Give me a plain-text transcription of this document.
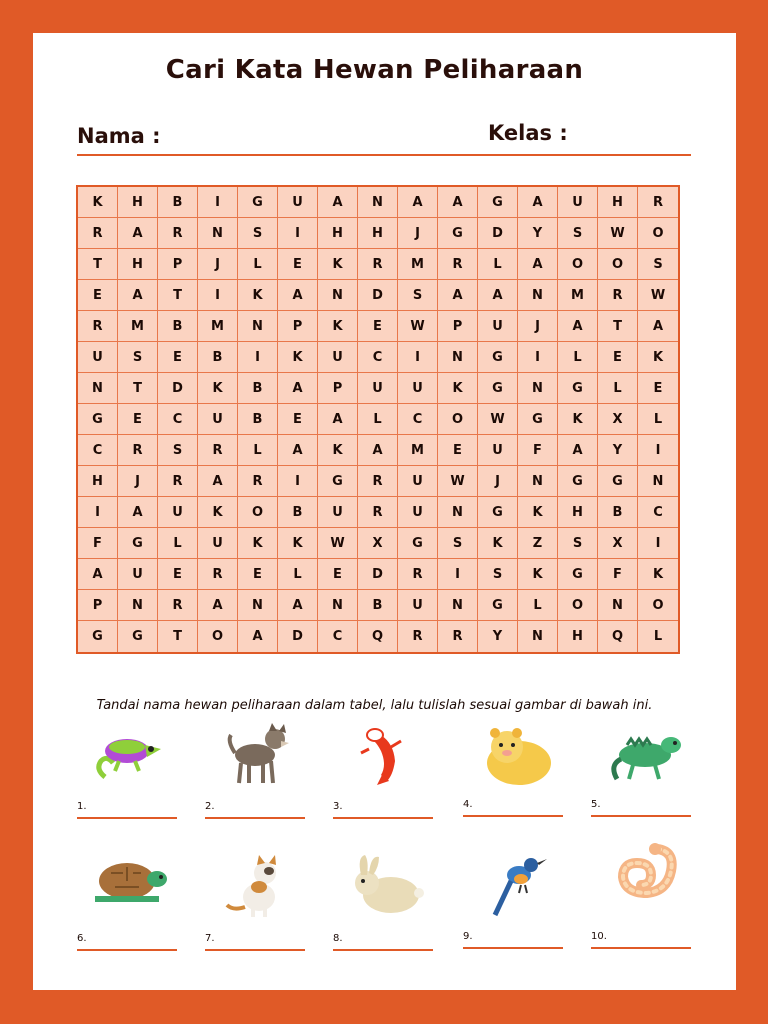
Cari Kata Hewan Peliharaan
Nama :	Kelas :
K	H	B	I	G	U	A	N	A	A	G	A	U	H	R
R	A	R	N	S	I	H	H	J	G	D	Y	S	W	O
T	H	P	J	L	E	K	R	M	R	L	A	O	O	S
E	A	T	I	K	A	N	D	S	A	A	N	M	R	W
R	M	B	M	N	P	K	E	W	P	U	J	A	T	A
U	S	E	B	I	K	U	C	I	N	G	I	L	E	K
N	T	D	K	B	A	P	U	U	K	G	N	G	L	E
G	E	C	U	B	E	A	L	C	O	W	G	K	X	L
C	R	S	R	L	A	K	A	M	E	U	F	A	Y	I
H	J	R	A	R	I	G	R	U	W	J	N	G	G	N
I	A	U	K	O	B	U	R	U	N	G	K	H	B	C
F	G	L	U	K	K	W	X	G	S	K	Z	S	X	I
A	U	E	R	E	L	E	D	R	I	S	K	G	F	K
P	N	R	A	N	A	N	B	U	N	G	L	O	N	O
G	G	T	O	A	D	C	Q	R	R	Y	N	H	Q	L
Tandai nama hewan peliharaan dalam tabel, lalu tulislah sesuai gambar di bawah ini.
1.	2.	3.	4.	5.
6.	7.	8.	9.	10.
